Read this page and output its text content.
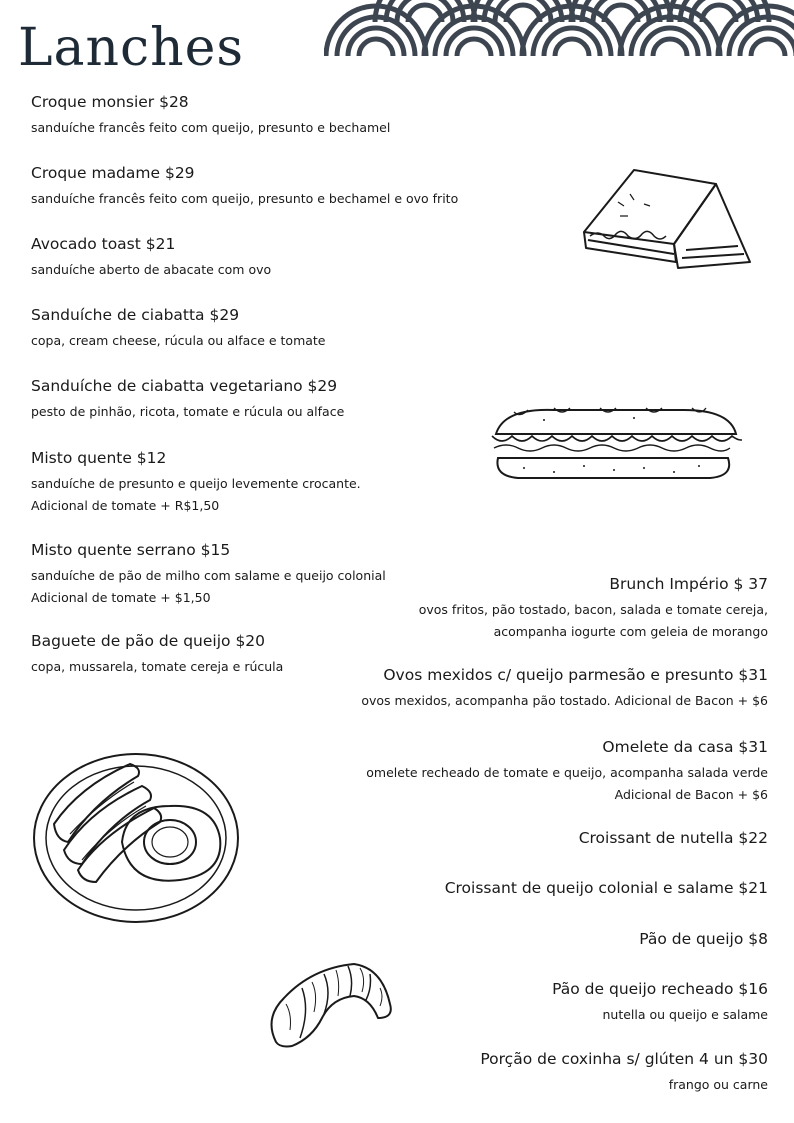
Lanches
Croque monsier $28
sanduíche francês feito com queijo, presunto e bechamel
Croque madame $29
sanduíche francês feito com queijo, presunto e bechamel e ovo frito
Avocado toast $21
sanduíche aberto de abacate com ovo
Sanduíche de ciabatta $29
copa, cream cheese, rúcula ou alface e tomate
Sanduíche de ciabatta vegetariano $29
pesto de pinhão, ricota, tomate e rúcula ou alface
Misto quente $12
sanduíche de presunto e queijo levemente crocante.
Adicional de tomate + R$1,50
Misto quente serrano $15
sanduíche de pão de milho com salame e queijo colonial
Adicional de tomate + $1,50
Baguete de pão de queijo $20
copa, mussarela, tomate cereja e rúcula
Brunch Império $ 37
ovos fritos, pão tostado, bacon, salada e tomate cereja,
acompanha iogurte com geleia de morango
Ovos mexidos c/ queijo parmesão e presunto $31
ovos mexidos, acompanha pão tostado. Adicional de Bacon + $6
Omelete da casa $31
omelete recheado de tomate e queijo, acompanha salada verde
Adicional de Bacon + $6
Croissant de nutella $22
Croissant de queijo colonial e salame $21
Pão de queijo $8
Pão de queijo recheado $16
nutella ou queijo e salame
Porção de coxinha s/ glúten 4 un $30
frango ou carne
